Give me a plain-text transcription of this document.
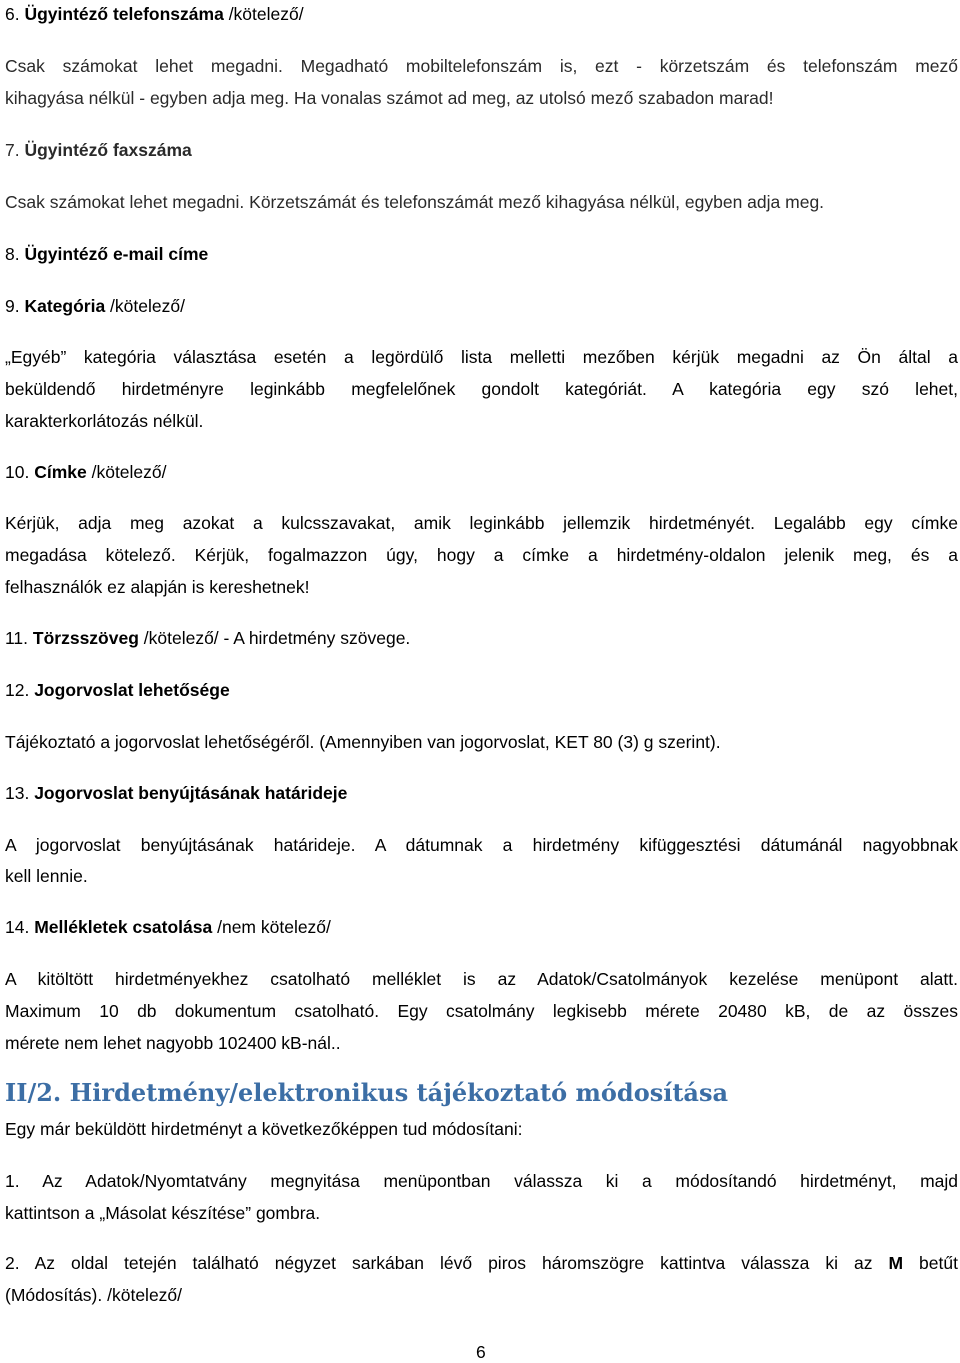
6. Ügyintéző telefonszáma /kötelező/
Csak számokat lehet megadni. Megadható mobiltelefonszám is, ezt - körzetszám és telefonszám mező
kihagyása nélkül - egyben adja meg. Ha vonalas számot ad meg, az utolsó mező szabadon marad!
7. Ügyintéző faxszáma
Csak számokat lehet megadni. Körzetszámát és telefonszámát mező kihagyása nélkül, egyben adja meg.
8. Ügyintéző e-mail címe
9. Kategória /kötelező/
„Egyéb” kategória választása esetén a legördülő lista melletti mezőben kérjük megadni az Ön által a
beküldendő hirdetményre leginkább megfelelőnek gondolt kategóriát. A kategória egy szó lehet,
karakterkorlátozás nélkül.
10. Címke /kötelező/
Kérjük, adja meg azokat a kulcsszavakat, amik leginkább jellemzik hirdetményét. Legalább egy címke
megadása kötelező. Kérjük, fogalmazzon úgy, hogy a címke a hirdetmény-oldalon jelenik meg, és a
felhasználók ez alapján is kereshetnek!
11. Törzsszöveg /kötelező/ - A hirdetmény szövege.
12. Jogorvoslat lehetősége
Tájékoztató a jogorvoslat lehetőségéről. (Amennyiben van jogorvoslat, KET 80 (3) g szerint).
13. Jogorvoslat benyújtásának határideje
A jogorvoslat benyújtásának határideje. A dátumnak a hirdetmény kifüggesztési dátumánál nagyobbnak
kell lennie.
14. Mellékletek csatolása /nem kötelező/
A kitöltött hirdetményekhez csatolható melléklet is az Adatok/Csatolmányok kezelése menüpont alatt.
Maximum 10 db dokumentum csatolható. Egy csatolmány legkisebb mérete 20480 kB, de az összes
mérete nem lehet nagyobb 102400 kB-nál..
II/2. Hirdetmény/elektronikus tájékoztató módosítása
Egy már beküldött hirdetményt a következőképpen tud módosítani:
1. Az Adatok/Nyomtatvány megnyitása menüpontban válassza ki a módosítandó hirdetményt, majd
kattintson a „Másolat készítése” gombra.
2. Az oldal tetején található négyzet sarkában lévő piros háromszögre kattintva válassza ki az M betűt
(Módosítás). /kötelező/
6
